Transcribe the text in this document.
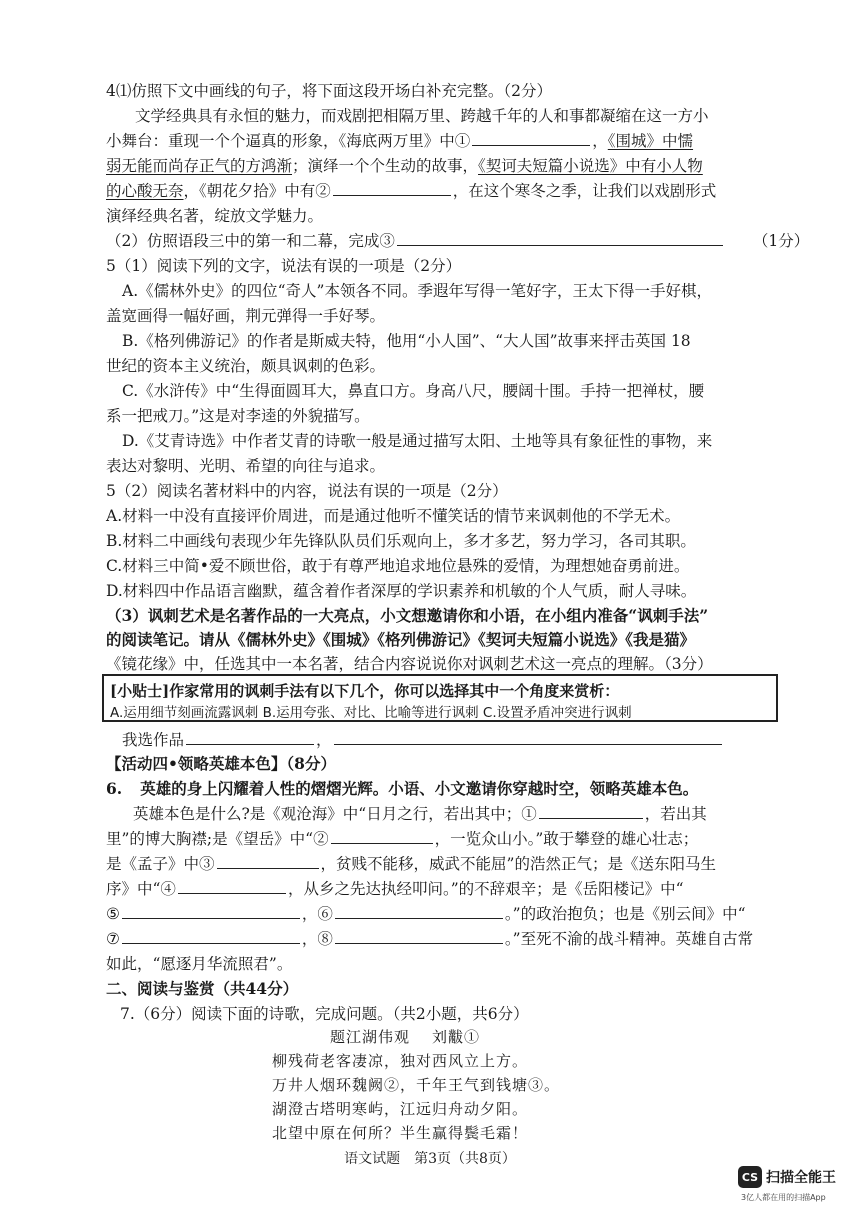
4⑴仿照下文中画线的句子，将下面这段开场白补充完整。（2分）
文学经典具有永恒的魅力，而戏剧把相隔万里、跨越千年的人和事都凝缩在这一方小
小舞台：重现一个个逼真的形象，《海底两万里》中①	，《围城》中懦
弱无能而尚存正气的方鸿渐；演绎一个个生动的故事，《契诃夫短篇小说选》中有小人物
的心酸无奈，《朝花夕拾》中有②	，在这个寒冬之季，让我们以戏剧形式
演绎经典名著，绽放文学魅力。
（2）仿照语段三中的第一和二幕，完成③	（1分）
5（1）阅读下列的文字，说法有误的一项是（2分）
A.《儒林外史》的四位“奇人”本领各不同。季遐年写得一笔好字，王太下得一手好棋，
盖宽画得一幅好画，荆元弹得一手好琴。
B.《格列佛游记》的作者是斯威夫特，他用“小人国”、“大人国”故事来抨击英国 18
世纪的资本主义统治，颇具讽刺的色彩。
C.《水浒传》中“生得面圆耳大，鼻直口方。身高八尺，腰阔十围。手持一把禅杖，腰
系一把戒刀。”这是对李逵的外貌描写。
D.《艾青诗选》中作者艾青的诗歌一般是通过描写太阳、土地等具有象征性的事物，来
表达对黎明、光明、希望的向往与追求。
5（2）阅读名著材料中的内容，说法有误的一项是（2分）
A.材料一中没有直接评价周进，而是通过他听不懂笑话的情节来讽刺他的不学无术。
B.材料二中画线句表现少年先锋队队员们乐观向上，多才多艺，努力学习，各司其职。
C.材料三中简•爱不顾世俗，敢于有尊严地追求地位悬殊的爱情，为理想她奋勇前进。
D.材料四中作品语言幽默，蕴含着作者深厚的学识素养和机敏的个人气质，耐人寻味。
（3）讽刺艺术是名著作品的一大亮点，小文想邀请你和小语，在小组内准备“讽刺手法”
[小贴士]作家常用的讽刺手法有以下几个，你可以选择其中一个角度来赏析：
A.运用细节刻画流露讽刺 B.运用夸张、对比、比喻等进行讽刺 C.设置矛盾冲突进行讽刺
的阅读笔记。请从《儒林外史》《围城》《格列佛游记》《契诃夫短篇小说选》《我是猫》
《镜花缘》中，任选其中一本名著，结合内容说说你对讽刺艺术这一亮点的理解。（3分）
我选作品	，
【活动四•领略英雄本色】（8分）
6. 英雄的身上闪耀着人性的熠熠光辉。小语、小文邀请你穿越时空，领略英雄本色。
英雄本色是什么?是《观沧海》中“日月之行，若出其中；①	，若出其
里”的博大胸襟;是《望岳》中“②	，一览众山小。”敢于攀登的雄心壮志；
是《孟子》中③	，贫贱不能移，威武不能屈”的浩然正气；是《送东阳马生
序》中“④	，从乡之先达执经叩问。”的不辞艰辛；是《岳阳楼记》中“
⑤	，⑥	。”的政治抱负；也是《别云间》中“
⑦	，⑧	。”至死不渝的战斗精神。英雄自古常
如此，“愿逐月华流照君”。
二、阅读与鉴赏（共44分）
7.（6分）阅读下面的诗歌，完成问题。（共2小题，共6分）
题江湖伟观 刘黻①
柳残荷老客凄凉，独对西风立上方。
万井人烟环魏阙②，千年王气到钱塘③。
湖澄古塔明寒屿，江远归舟动夕阳。
北望中原在何所？半生赢得鬓毛霜！
语文试题　第3页（共8页）
CS 扫描全能王
3亿人都在用的扫描App
